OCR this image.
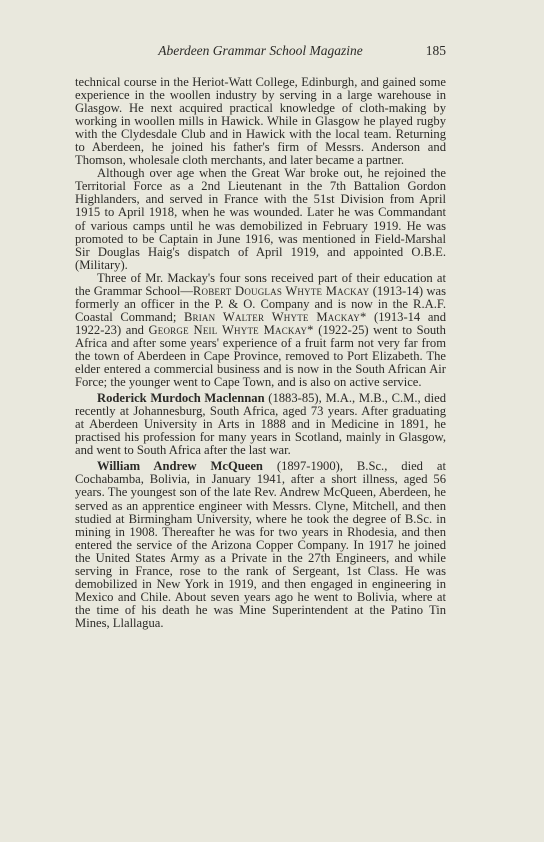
Aberdeen Grammar School Magazine	185

technical course in the Heriot-Watt College, Edinburgh, and gained some experience in the woollen industry by serving in a large warehouse in Glasgow. He next acquired practical knowledge of cloth-making by working in woollen mills in Hawick. While in Glasgow he played rugby with the Clydesdale Club and in Hawick with the local team. Returning to Aberdeen, he joined his father's firm of Messrs. Anderson and Thomson, wholesale cloth merchants, and later became a partner.

Although over age when the Great War broke out, he rejoined the Territorial Force as a 2nd Lieutenant in the 7th Battalion Gordon Highlanders, and served in France with the 51st Division from April 1915 to April 1918, when he was wounded. Later he was Commandant of various camps until he was demobilized in February 1919. He was promoted to be Captain in June 1916, was mentioned in Field-Marshal Sir Douglas Haig's dispatch of April 1919, and appointed O.B.E. (Military).

Three of Mr. Mackay's four sons received part of their education at the Grammar School—Robert Douglas Whyte Mackay (1913-14) was formerly an officer in the P. & O. Company and is now in the R.A.F. Coastal Command; Brian Walter Whyte Mackay* (1913-14 and 1922-23) and George Neil Whyte Mackay* (1922-25) went to South Africa and after some years' experience of a fruit farm not very far from the town of Aberdeen in Cape Province, removed to Port Elizabeth. The elder entered a commercial business and is now in the South African Air Force; the younger went to Cape Town, and is also on active service.

Roderick Murdoch Maclennan (1883-85), M.A., M.B., C.M., died recently at Johannesburg, South Africa, aged 73 years. After graduating at Aberdeen University in Arts in 1888 and in Medicine in 1891, he practised his profession for many years in Scotland, mainly in Glasgow, and went to South Africa after the last war.

William Andrew McQueen (1897-1900), B.Sc., died at Cochabamba, Bolivia, in January 1941, after a short illness, aged 56 years. The youngest son of the late Rev. Andrew McQueen, Aberdeen, he served as an apprentice engineer with Messrs. Clyne, Mitchell, and then studied at Birmingham University, where he took the degree of B.Sc. in mining in 1908. Thereafter he was for two years in Rhodesia, and then entered the service of the Arizona Copper Company. In 1917 he joined the United States Army as a Private in the 27th Engineers, and while serving in France, rose to the rank of Sergeant, 1st Class. He was demobilized in New York in 1919, and then engaged in engineering in Mexico and Chile. About seven years ago he went to Bolivia, where at the time of his death he was Mine Superintendent at the Patino Tin Mines, Llallagua.
